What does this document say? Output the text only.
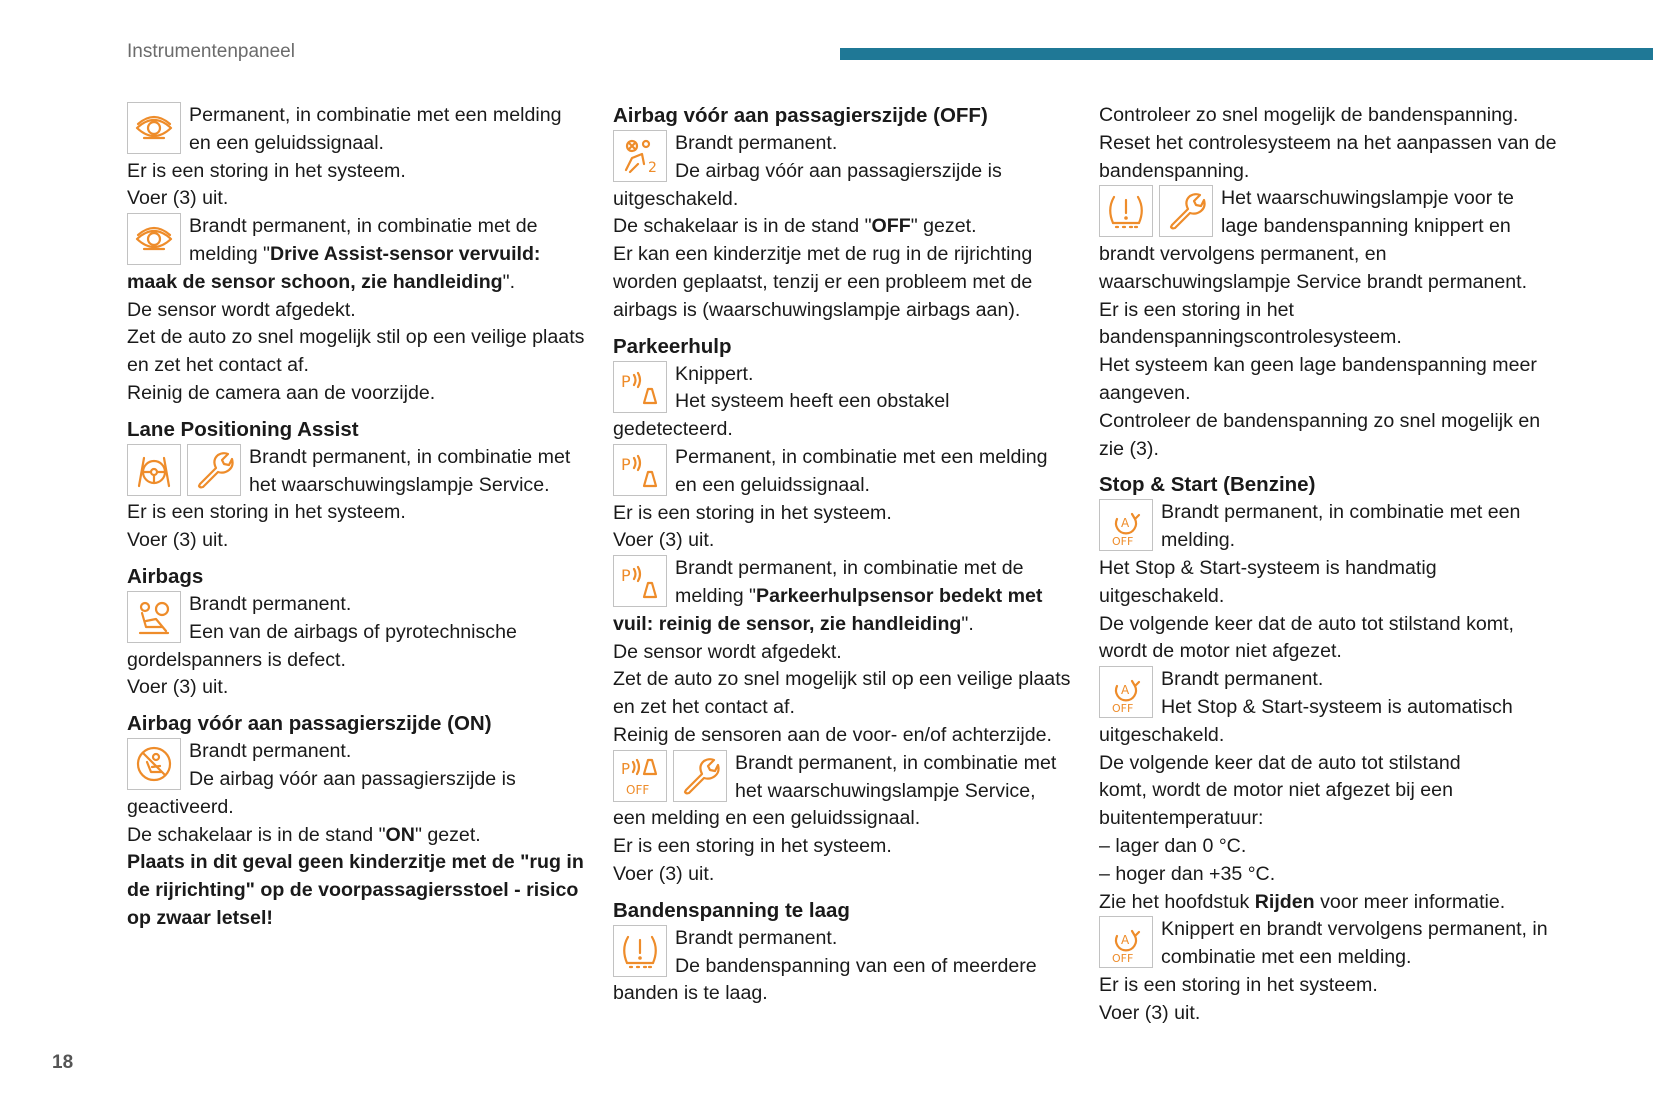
Instrumentenpaneel

Permanent, in combinatie met een melding

en een geluidssignaal.

Er is een storing in het systeem.

Voer (3) uit.

Brandt permanent, in combinatie met de

melding "Drive Assist-sensor vervuild:

maak de sensor schoon, zie handleiding".

De sensor wordt afgedekt.

Zet de auto zo snel mogelijk stil op een veilige plaats

en zet het contact af.

Reinig de camera aan de voorzijde.

Lane Positioning Assist

Brandt permanent, in combinatie met

het waarschuwingslampje Service.

Er is een storing in het systeem.

Voer (3) uit.

Airbags

Brandt permanent.

Een van de airbags of pyrotechnische

gordelspanners is defect.

Voer (3) uit.

Airbag vóór aan passagierszijde (ON)

Brandt permanent.

De airbag vóór aan passagierszijde is

geactiveerd.

De schakelaar is in de stand "ON" gezet.

Plaats in dit geval geen kinderzitje met de "rug in

de rijrichting" op de voorpassagiersstoel - risico

op zwaar letsel!

Airbag vóór aan passagierszijde (OFF)
2

Brandt permanent.

De airbag vóór aan passagierszijde is

uitgeschakeld.

De schakelaar is in de stand "OFF" gezet.

Er kan een kinderzitje met de rug in de rijrichting

worden geplaatst, tenzij er een probleem met de

airbags is (waarschuwingslampje airbags aan).

Parkeerhulp
P Knippert.

Het systeem heeft een obstakel

gedetecteerd.

P Permanent, in combinatie met een melding

en een geluidssignaal.

Er is een storing in het systeem.

Voer (3) uit.

P Brandt permanent, in combinatie met de

melding "Parkeerhulpsensor bedekt met

vuil: reinig de sensor, zie handleiding".

De sensor wordt afgedekt.

Zet de auto zo snel mogelijk stil op een veilige plaats

en zet het contact af.

Reinig de sensoren aan de voor- en/of achterzijde.

P
OFF

Brandt permanent, in combinatie met

het waarschuwingslampje Service,

een melding en een geluidssignaal.

Er is een storing in het systeem.

Voer (3) uit.

Bandenspanning te laag

Brandt permanent.

De bandenspanning van een of meerdere

banden is te laag.

Controleer zo snel mogelijk de bandenspanning.

Reset het controlesysteem na het aanpassen van de

bandenspanning.

Het waarschuwingslampje voor te

lage bandenspanning knippert en

brandt vervolgens permanent, en

waarschuwingslampje Service brandt permanent.

Er is een storing in het

bandenspanningscontrolesysteem.

Het systeem kan geen lage bandenspanning meer

aangeven.

Controleer de bandenspanning zo snel mogelijk en

zie (3).

Stop & Start (Benzine)
A
OFF

Brandt permanent, in combinatie met een

melding.

Het Stop & Start-systeem is handmatig

uitgeschakeld.

De volgende keer dat de auto tot stilstand komt,

wordt de motor niet afgezet.

A
OFF

Brandt permanent.

Het Stop & Start-systeem is automatisch

uitgeschakeld.

De volgende keer dat de auto tot stilstand

komt, wordt de motor niet afgezet bij een

buitentemperatuur:

– lager dan 0 °C.

– hoger dan +35 °C.

Zie het hoofdstuk Rijden voor meer informatie.

A
OFF

Knippert en brandt vervolgens permanent, in

combinatie met een melding.

Er is een storing in het systeem.

Voer (3) uit.

18
